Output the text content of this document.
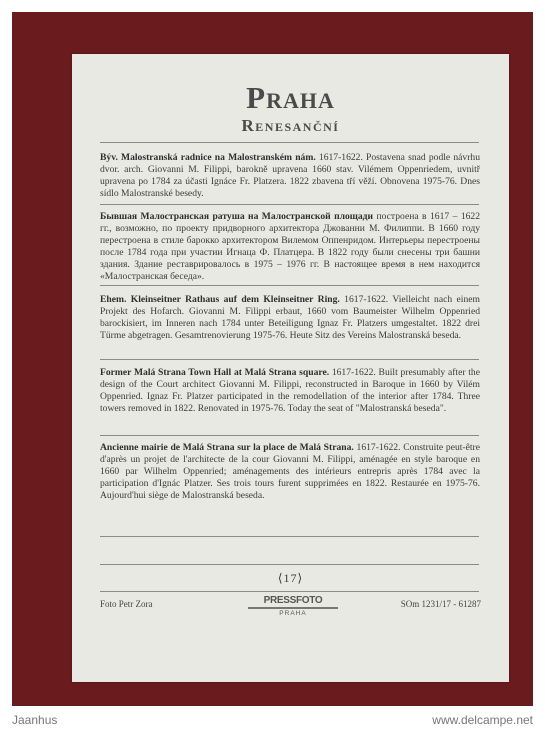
Praha
Renesanční

Býv. Malostranská radnice na Malostranském nám. 1617-1622. Postavena snad podle návrhu dvor. arch. Giovanni M. Filippi, barokně upravena 1660 stav. Vilémem Oppenriedem, uvnitř upravena po 1784 za účasti Ignáce Fr. Platzera. 1822 zbavena tří věží. Obnovena 1975-76. Dnes sídlo Malostranské besedy.

Бывшая Малостранская ратуша на Малостранской площади построена в 1617 – 1622 гг., возможно, по проекту придворного архитектора Джованни М. Филиппи. В 1660 году перестроена в стиле барокко архитектором Вилемом Оппенридом. Интерьеры перестроены после 1784 года при участии Игнаца Ф. Платцера. В 1822 году были снесены три башни здания. Здание реставрировалось в 1975 – 1976 гг. В настоящее время в нем находится «Малостранская беседа».

Ehem. Kleinseitner Rathaus auf dem Kleinseitner Ring. 1617-1622. Vielleicht nach einem Projekt des Hofarch. Giovanni M. Filippi erbaut, 1660 vom Baumeister Wilhelm Oppenried barockisiert, im Inneren nach 1784 unter Beteiligung Ignaz Fr. Platzers umgestaltet. 1822 drei Türme abgetragen. Gesamtrenovierung 1975-76. Heute Sitz des Vereins Malostranská beseda.

Former Malá Strana Town Hall at Malá Strana square. 1617-1622. Built presumably after the design of the Court architect Giovanni M. Filippi, reconstructed in Baroque in 1660 by Vilém Oppenried. Ignaz Fr. Platzer participated in the remodellation of the interior after 1784. Three towers removed in 1822. Renovated in 1975-76. Today the seat of "Malostranská beseda".

Ancienne mairie de Malá Strana sur la place de Malá Strana. 1617-1622. Construite peut-être d'après un projet de l'architecte de la cour Giovanni M. Filippi, aménagée en style baroque en 1660 par Wilhelm Oppenried; aménagements des intérieurs entrepris après 1784 avec la participation d'Ignác Platzer. Ses trois tours furent supprimées en 1822. Restaurée en 1975-76. Aujourd'hui siège de Malostranská beseda.

⟨17⟩
Foto Petr Zora	PRESSFOTO
PRAHA
SOm 1231/17 - 61287
Jaanhus	www.delcampe.net
